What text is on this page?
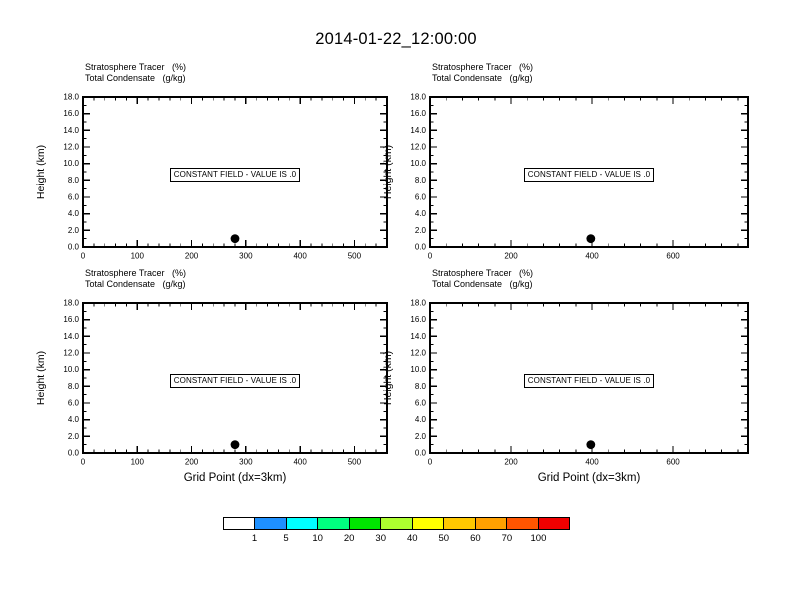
2014-01-22_12:00:00
0	100	200	300	400	500
0.0
2.0
4.0
6.0
8.0
10.0
12.0
14.0
16.0
18.0
0	200	400	600
0.0
2.0
4.0
6.0
8.0
10.0
12.0
14.0
16.0
18.0
0	100	200	300	400	500
0.0
2.0
4.0
6.0
8.0
10.0
12.0
14.0
16.0
18.0
0	200	400	600
0.0
2.0
4.0
6.0
8.0
10.0
12.0
14.0
16.0
18.0
Stratosphere Tracer   (%)
Total Condensate   (g/kg)
CONSTANT FIELD - VALUE IS .0
Height (km)
Stratosphere Tracer   (%)
Total Condensate   (g/kg)
CONSTANT FIELD - VALUE IS .0
Height (km)
Stratosphere Tracer   (%)
Total Condensate   (g/kg)
CONSTANT FIELD - VALUE IS .0
Height (km)
Grid Point (dx=3km)
Stratosphere Tracer   (%)
Total Condensate   (g/kg)
CONSTANT FIELD - VALUE IS .0
Height (km)
Grid Point (dx=3km)
1	5 10 20 30 40 50 60 70 100
